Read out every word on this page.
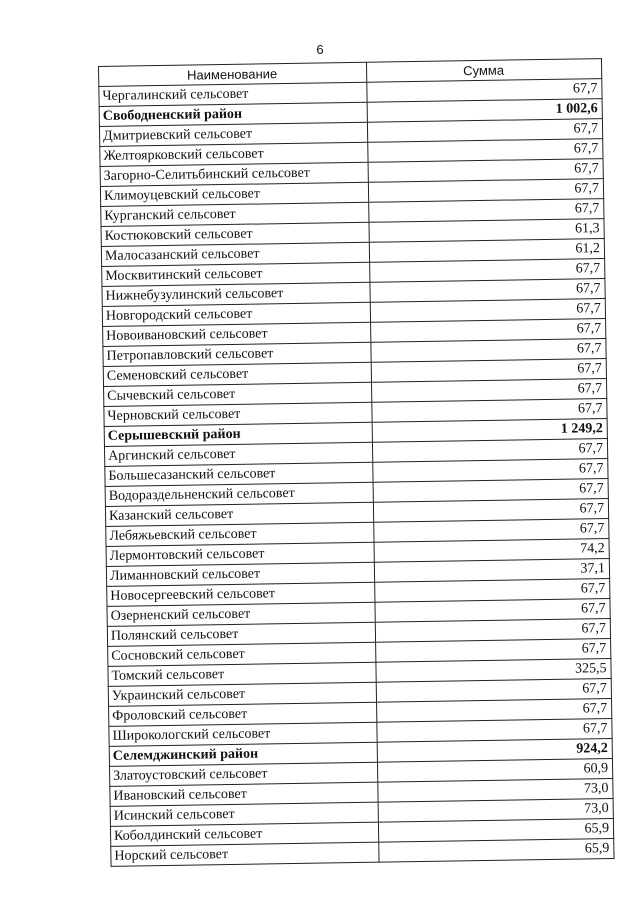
6
Наименование	Сумма
Чергалинский сельсовет	67,7
Свободненский район	1 002,6
Дмитриевский сельсовет	67,7
Желтоярковский сельсовет	67,7
Загорно-Селитьбинский сельсовет	67,7
Климоуцевский сельсовет	67,7
Курганский сельсовет	67,7
Костюковский сельсовет	61,3
Малосазанский сельсовет	61,2
Москвитинский сельсовет	67,7
Нижнебузулинский сельсовет	67,7
Новгородский сельсовет	67,7
Новоивановский сельсовет	67,7
Петропавловский сельсовет	67,7
Семеновский сельсовет	67,7
Сычевский сельсовет	67,7
Черновский сельсовет	67,7
Серышевский район	1 249,2
Аргинский сельсовет	67,7
Большесазанский сельсовет	67,7
Водораздельненский сельсовет	67,7
Казанский сельсовет	67,7
Лебяжьевский сельсовет	67,7
Лермонтовский сельсовет	74,2
Лиманновский сельсовет	37,1
Новосергеевский сельсовет	67,7
Озерненский сельсовет	67,7
Полянский сельсовет	67,7
Сосновский сельсовет	67,7
Томский сельсовет	325,5
Украинский сельсовет	67,7
Фроловский сельсовет	67,7
Широкологский сельсовет	67,7
Селемджинский район	924,2
Златоустовский сельсовет	60,9
Ивановский сельсовет	73,0
Исинский сельсовет	73,0
Коболдинский сельсовет	65,9
Норский сельсовет	65,9
